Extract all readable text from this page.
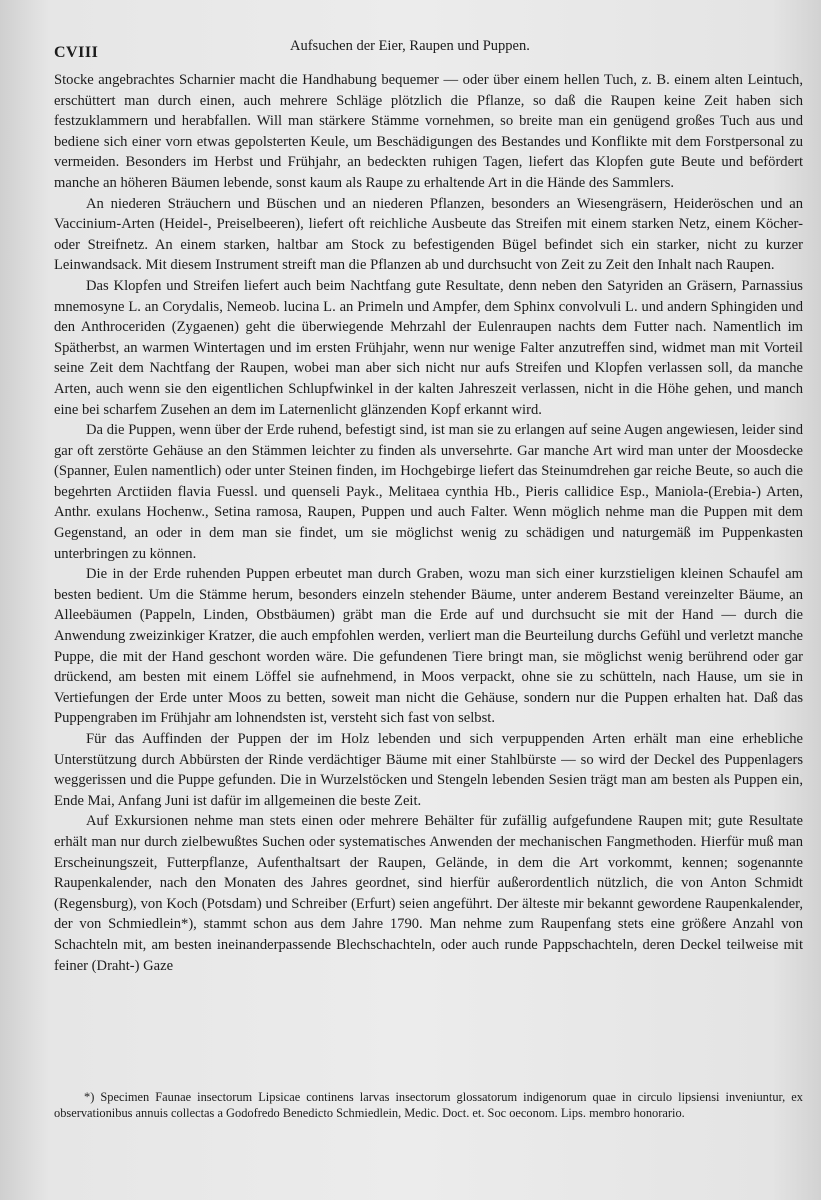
CVIII	Aufsuchen der Eier, Raupen und Puppen.

Stocke angebrachtes Scharnier macht die Handhabung bequemer — oder über einem hellen Tuch, z. B. einem alten Leintuch, erschüttert man durch einen, auch mehrere Schläge plötzlich die Pflanze, so daß die Raupen keine Zeit haben sich festzuklammern und herabfallen. Will man stärkere Stämme vornehmen, so breite man ein genügend großes Tuch aus und bediene sich einer vorn etwas gepolsterten Keule, um Beschädigungen des Bestandes und Konflikte mit dem Forstpersonal zu vermeiden. Besonders im Herbst und Frühjahr, an bedeckten ruhigen Tagen, liefert das Klopfen gute Beute und befördert manche an höheren Bäumen lebende, sonst kaum als Raupe zu erhaltende Art in die Hände des Sammlers.

An niederen Sträuchern und Büschen und an niederen Pflanzen, besonders an Wiesengräsern, Heideröschen und an Vaccinium-Arten (Heidel-, Preiselbeeren), liefert oft reichliche Ausbeute das Streifen mit einem starken Netz, einem Köcher- oder Streifnetz. An einem starken, haltbar am Stock zu befestigenden Bügel befindet sich ein starker, nicht zu kurzer Leinwandsack. Mit diesem Instrument streift man die Pflanzen ab und durchsucht von Zeit zu Zeit den Inhalt nach Raupen.

Das Klopfen und Streifen liefert auch beim Nachtfang gute Resultate, denn neben den Satyriden an Gräsern, Parnassius mnemosyne L. an Corydalis, Nemeob. lucina L. an Primeln und Ampfer, dem Sphinx convolvuli L. und andern Sphingiden und den Anthroceriden (Zygaenen) geht die überwiegende Mehrzahl der Eulenraupen nachts dem Futter nach. Namentlich im Spätherbst, an warmen Wintertagen und im ersten Frühjahr, wenn nur wenige Falter anzutreffen sind, widmet man mit Vorteil seine Zeit dem Nachtfang der Raupen, wobei man aber sich nicht nur aufs Streifen und Klopfen verlassen soll, da manche Arten, auch wenn sie den eigentlichen Schlupfwinkel in der kalten Jahreszeit verlassen, nicht in die Höhe gehen, und manch eine bei scharfem Zusehen an dem im Laternenlicht glänzenden Kopf erkannt wird.

Da die Puppen, wenn über der Erde ruhend, befestigt sind, ist man sie zu erlangen auf seine Augen angewiesen, leider sind gar oft zerstörte Gehäuse an den Stämmen leichter zu finden als unversehrte. Gar manche Art wird man unter der Moosdecke (Spanner, Eulen namentlich) oder unter Steinen finden, im Hochgebirge liefert das Steinumdrehen gar reiche Beute, so auch die begehrten Arctiiden flavia Fuessl. und quenseli Payk., Melitaea cynthia Hb., Pieris callidice Esp., Maniola-(Erebia-) Arten, Anthr. exulans Hochenw., Setina ramosa, Raupen, Puppen und auch Falter. Wenn möglich nehme man die Puppen mit dem Gegenstand, an oder in dem man sie findet, um sie möglichst wenig zu schädigen und naturgemäß im Puppenkasten unterbringen zu können.

Die in der Erde ruhenden Puppen erbeutet man durch Graben, wozu man sich einer kurzstieligen kleinen Schaufel am besten bedient. Um die Stämme herum, besonders einzeln stehender Bäume, unter anderem Bestand vereinzelter Bäume, an Alleebäumen (Pappeln, Linden, Obstbäumen) gräbt man die Erde auf und durchsucht sie mit der Hand — durch die Anwendung zweizinkiger Kratzer, die auch empfohlen werden, verliert man die Beurteilung durchs Gefühl und verletzt manche Puppe, die mit der Hand geschont worden wäre. Die gefundenen Tiere bringt man, sie möglichst wenig berührend oder gar drückend, am besten mit einem Löffel sie aufnehmend, in Moos verpackt, ohne sie zu schütteln, nach Hause, um sie in Vertiefungen der Erde unter Moos zu betten, soweit man nicht die Gehäuse, sondern nur die Puppen erhalten hat. Daß das Puppengraben im Frühjahr am lohnendsten ist, versteht sich fast von selbst.

Für das Auffinden der Puppen der im Holz lebenden und sich verpuppenden Arten erhält man eine erhebliche Unterstützung durch Abbürsten der Rinde verdächtiger Bäume mit einer Stahlbürste — so wird der Deckel des Puppenlagers weggerissen und die Puppe gefunden. Die in Wurzelstöcken und Stengeln lebenden Sesien trägt man am besten als Puppen ein, Ende Mai, Anfang Juni ist dafür im allgemeinen die beste Zeit.

Auf Exkursionen nehme man stets einen oder mehrere Behälter für zufällig aufgefundene Raupen mit; gute Resultate erhält man nur durch zielbewußtes Suchen oder systematisches Anwenden der mechanischen Fangmethoden. Hierfür muß man Erscheinungszeit, Futterpflanze, Aufenthaltsart der Raupen, Gelände, in dem die Art vorkommt, kennen; sogenannte Raupenkalender, nach den Monaten des Jahres geordnet, sind hierfür außerordentlich nützlich, die von Anton Schmidt (Regensburg), von Koch (Potsdam) und Schreiber (Erfurt) seien angeführt. Der älteste mir bekannt gewordene Raupenkalender, der von Schmiedlein*), stammt schon aus dem Jahre 1790. Man nehme zum Raupenfang stets eine größere Anzahl von Schachteln mit, am besten ineinanderpassende Blechschachteln, oder auch runde Pappschachteln, deren Deckel teilweise mit feiner (Draht-) Gaze

*) Specimen Faunae insectorum Lipsicae continens larvas insectorum glossatorum indigenorum quae in circulo lipsiensi inveniuntur, ex observationibus annuis collectas a Godofredo Benedicto Schmiedlein, Medic. Doct. et. Soc oeconom. Lips. membro honorario.
